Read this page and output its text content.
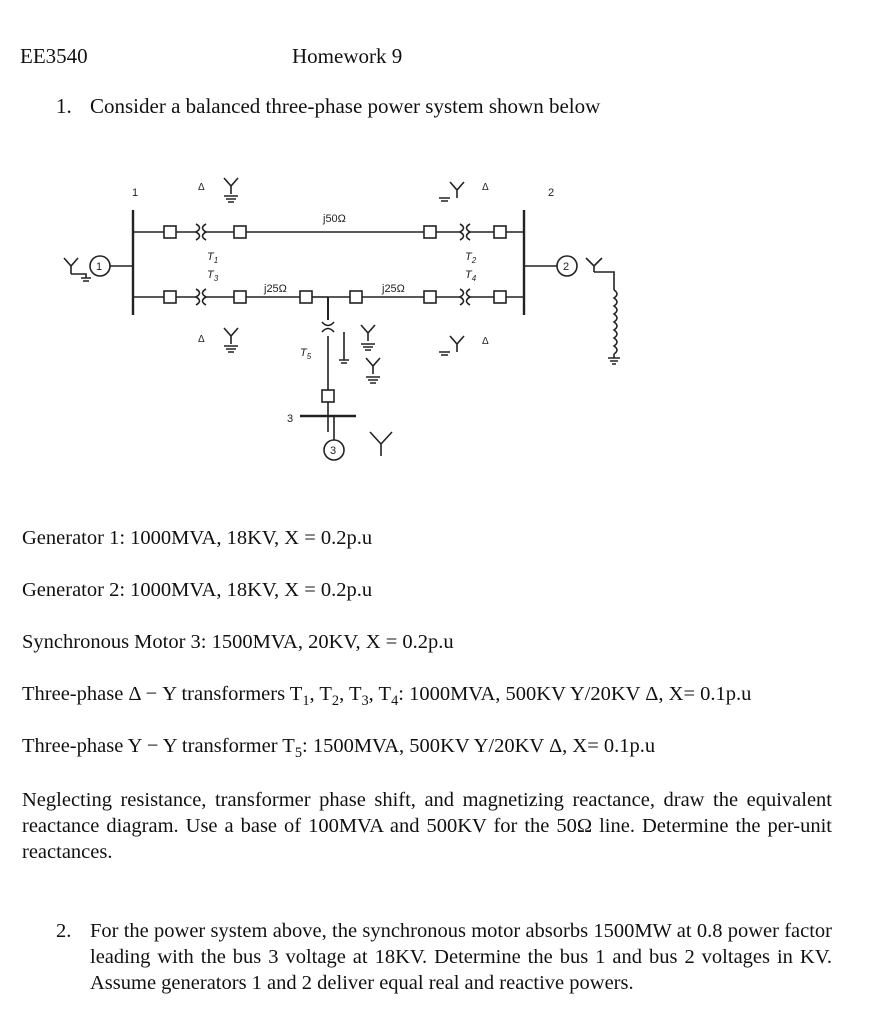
EE3540	Homework 9
1. Consider a balanced three-phase power system shown below
1	2
3
1	2
3
j50Ω
j25Ω	j25Ω
$T_1$
$T_3$
$T_2$
$T_4$
$T_5$
Δ	Δ
Δ	Δ
Generator 1: 1000MVA, 18KV, X = 0.2p.u
Generator 2: 1000MVA, 18KV, X = 0.2p.u
Synchronous Motor 3: 1500MVA, 20KV, X = 0.2p.u
Three-phase Δ − Y transformers $T_1$, $T_2$, $T_3$, $T_4$: 1000MVA, 500KV Y/20KV Δ, X= 0.1p.u
Three-phase Y − Y transformer $T_5$: 1500MVA, 500KV Y/20KV Δ, X= 0.1p.u
Neglecting resistance, transformer phase shift, and magnetizing reactance, draw the equivalent reactance diagram. Use a base of 100MVA and 500KV for the 50Ω line. Determine the per-unit reactances.
2. For the power system above, the synchronous motor absorbs 1500MW at 0.8 power factor leading with the bus 3 voltage at 18KV. Determine the bus 1 and bus 2 voltages in KV. Assume generators 1 and 2 deliver equal real and reactive powers.
